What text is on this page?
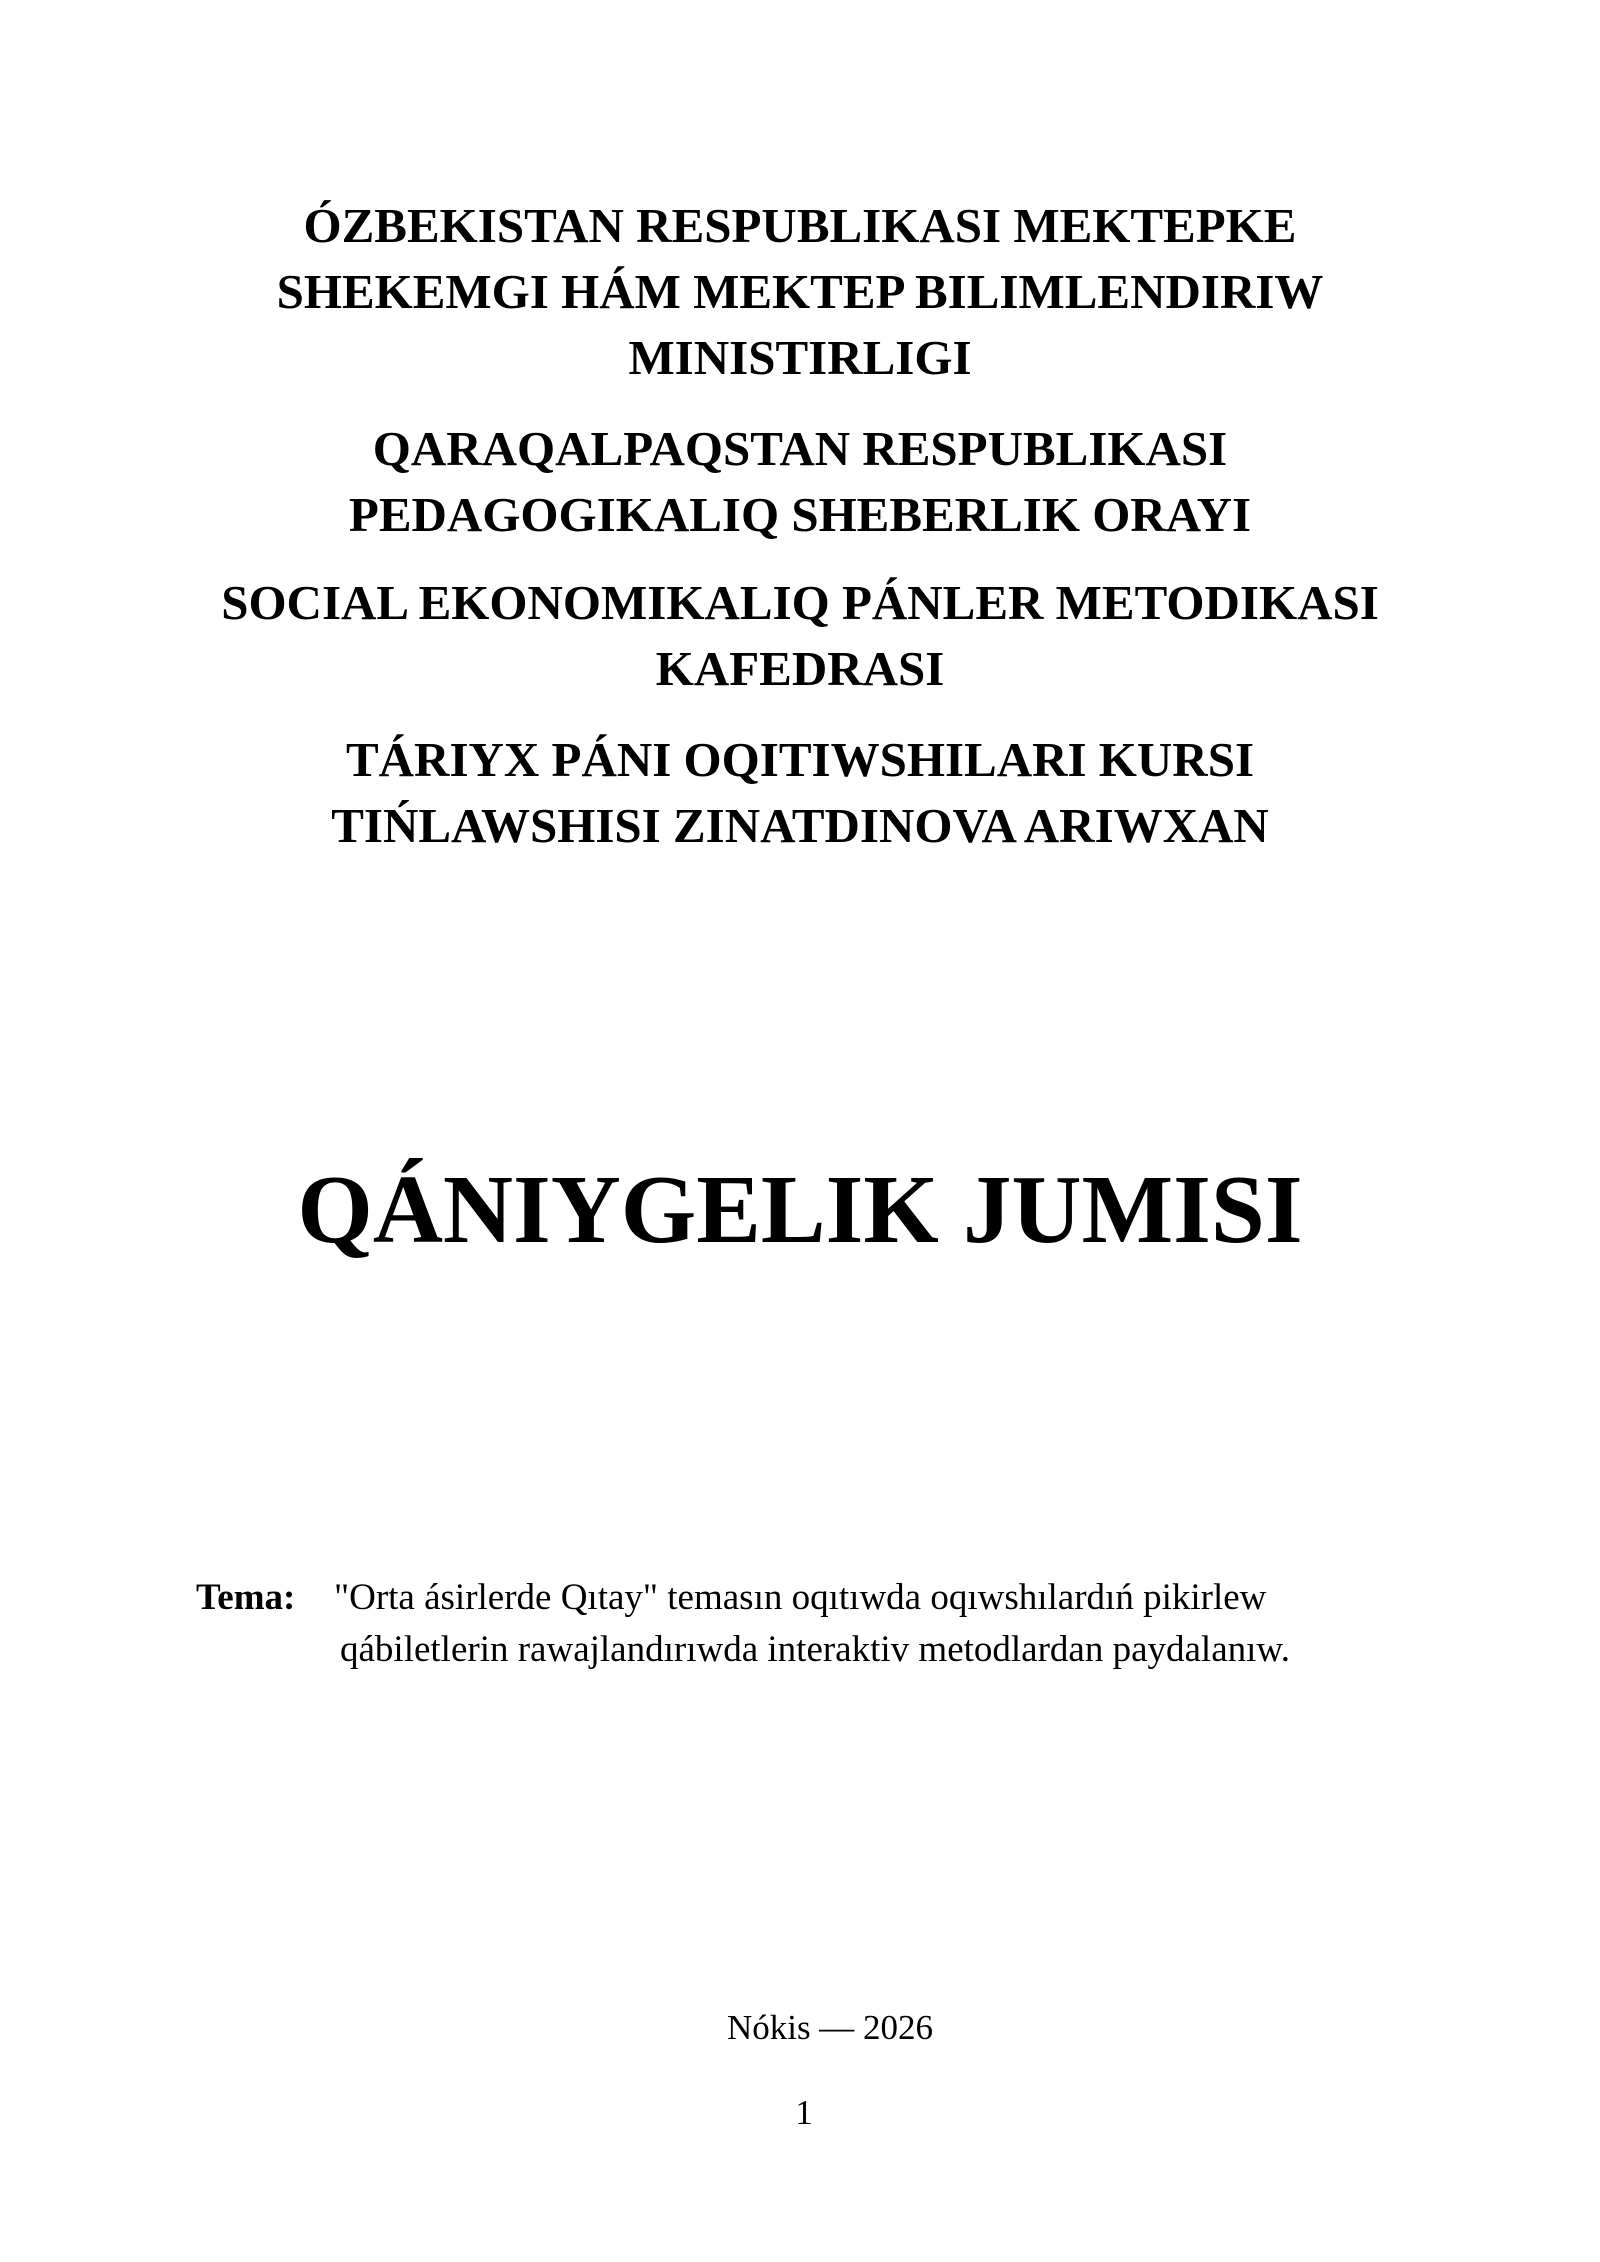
ÓZBEKISTAN RESPUBLIKASI MEKTEPKE
SHEKEMGI HÁM MEKTEP BILIMLENDIRIW
MINISTIRLIGI
QARAQALPAQSTAN RESPUBLIKASI
PEDAGOGIKALIQ SHEBERLIK ORAYI
SOCIAL EKONOMIKALIQ PÁNLER METODIKASI
KAFEDRASI
TÁRIYX PÁNI OQITIWSHILARI KURSI
TIŃLAWSHISI ZINATDINOVA ARIWXAN
QÁNIYGELIK JUMISI
Tema: "Orta ásirlerde Qıtay" temasın oqıtıwda oqıwshılardıń pikirlew
qábiletlerin rawajlandırıwda interaktiv metodlardan paydalanıw.
Nókis — 2026
1
